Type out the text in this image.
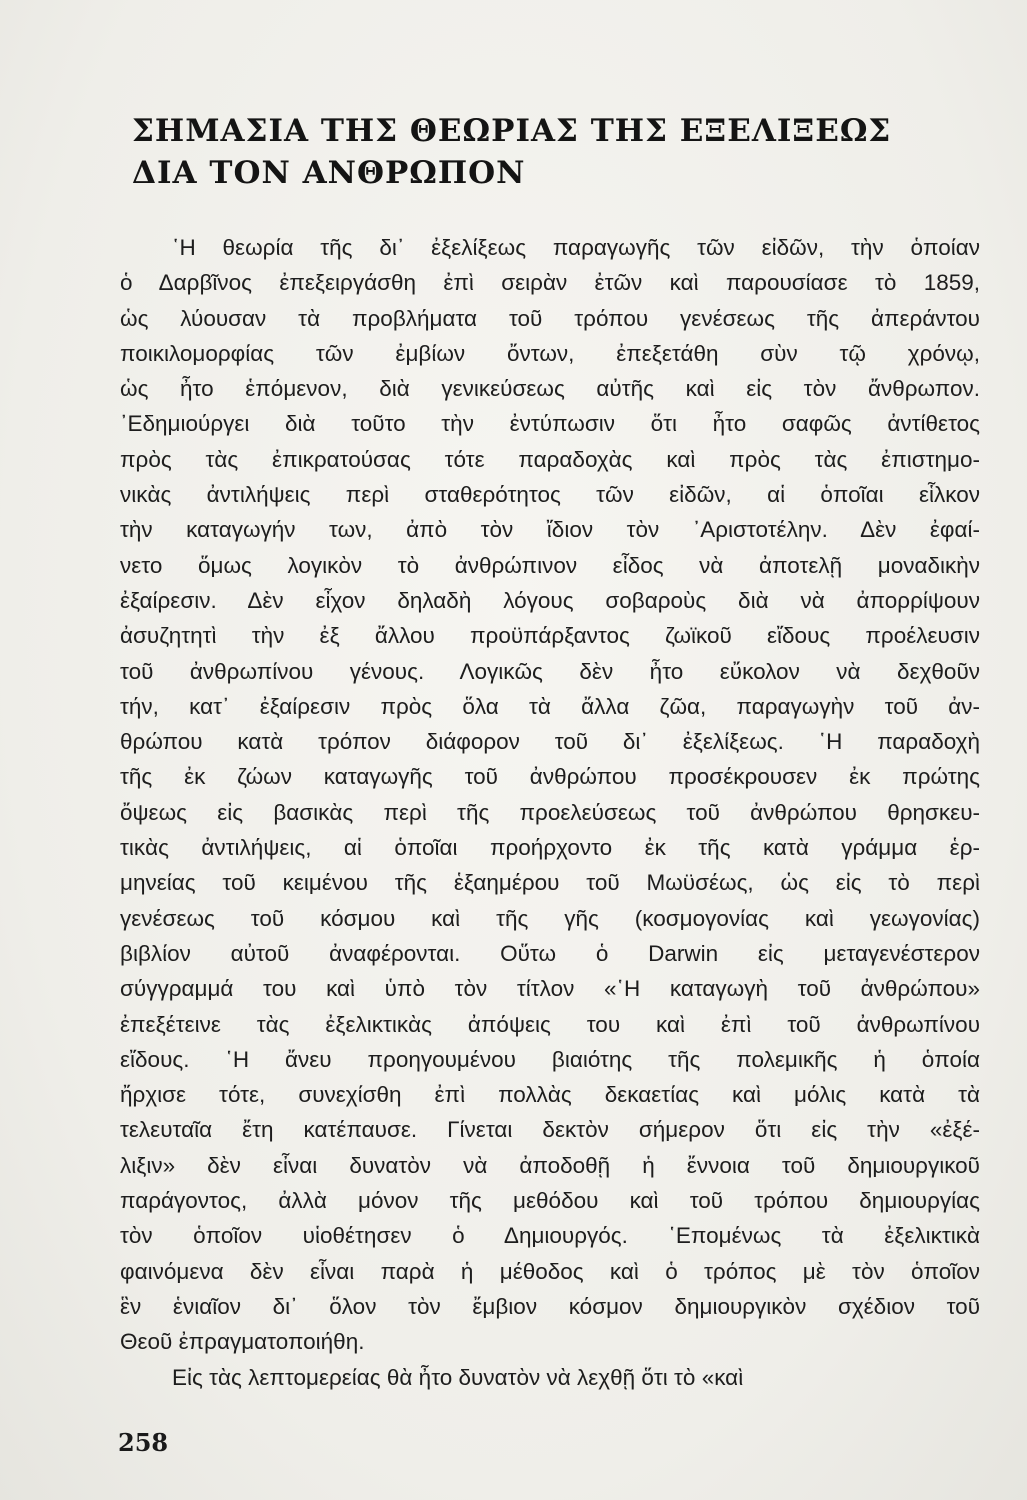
ΣΗΜΑΣΙΑ ΤΗΣ ΘΕΩΡΙΑΣ ΤΗΣ ΕΞΕΛΙΞΕΩΣ
ΔΙΑ ΤΟΝ ΑΝΘΡΩΠΟΝ
῾Η θεωρία τῆς δι᾽ ἐξελίξεως παραγωγῆς τῶν εἰδῶν, τὴν ὁποίαν
ὁ Δαρβῖνος ἐπεξειργάσθη ἐπὶ σειρὰν ἐτῶν καὶ παρουσίασε τὸ 1859,
ὡς λύουσαν τὰ προβλήματα τοῦ τρόπου γενέσεως τῆς ἀπεράντου
ποικιλομορφίας τῶν ἐμβίων ὄντων, ἐπεξετάθη σὺν τῷ χρόνῳ,
ὡς ἦτο ἑπόμενον, διὰ γενικεύσεως αὐτῆς καὶ εἰς τὸν ἄνθρωπον.
᾽Εδημιούργει διὰ τοῦτο τὴν ἐντύπωσιν ὅτι ἦτο σαφῶς ἀντίθετος
πρὸς τὰς ἐπικρατούσας τότε παραδοχὰς καὶ πρὸς τὰς ἐπιστημο-
νικὰς ἀντιλήψεις περὶ σταθερότητος τῶν εἰδῶν, αἱ ὁποῖαι εἷλκον
τὴν καταγωγήν των, ἀπὸ τὸν ἴδιον τὸν ᾽Αριστοτέλην. Δὲν ἐφαί-
νετο ὅμως λογικὸν τὸ ἀνθρώπινον εἶδος νὰ ἀποτελῇ μοναδικὴν
ἐξαίρεσιν. Δὲν εἶχον δηλαδὴ λόγους σοβαροὺς διὰ νὰ ἀπορρίψουν
ἀσυζητητὶ τὴν ἐξ ἄλλου προϋπάρξαντος ζωϊκοῦ εἴδους προέλευσιν
τοῦ ἀνθρωπίνου γένους. Λογικῶς δὲν ἦτο εὔκολον νὰ δεχθοῦν
τήν, κατ᾽ ἐξαίρεσιν πρὸς ὅλα τὰ ἄλλα ζῶα, παραγωγὴν τοῦ ἀν-
θρώπου κατὰ τρόπον διάφορον τοῦ δι᾽ ἐξελίξεως. ῾Η παραδοχὴ
τῆς ἐκ ζώων καταγωγῆς τοῦ ἀνθρώπου προσέκρουσεν ἐκ πρώτης
ὄψεως εἰς βασικὰς περὶ τῆς προελεύσεως τοῦ ἀνθρώπου θρησκευ-
τικὰς ἀντιλήψεις, αἱ ὁποῖαι προήρχοντο ἐκ τῆς κατὰ γράμμα ἑρ-
μηνείας τοῦ κειμένου τῆς ἑξαημέρου τοῦ Μωϋσέως, ὡς εἰς τὸ περὶ
γενέσεως τοῦ κόσμου καὶ τῆς γῆς (κοσμογονίας καὶ γεωγονίας)
βιβλίον αὐτοῦ ἀναφέρονται. Οὕτω ὁ Darwin εἰς μεταγενέστερον
σύγγραμμά του καὶ ὑπὸ τὸν τίτλον «῾Η καταγωγὴ τοῦ ἀνθρώπου»
ἐπεξέτεινε τὰς ἐξελικτικὰς ἀπόψεις του καὶ ἐπὶ τοῦ ἀνθρωπίνου
εἴδους. ῾Η ἄνευ προηγουμένου βιαιότης τῆς πολεμικῆς ἡ ὁποία
ἤρχισε τότε, συνεχίσθη ἐπὶ πολλὰς δεκαετίας καὶ μόλις κατὰ τὰ
τελευταῖα ἔτη κατέπαυσε. Γίνεται δεκτὸν σήμερον ὅτι εἰς τὴν «ἐξέ-
λιξιν» δὲν εἶναι δυνατὸν νὰ ἀποδοθῇ ἡ ἔννοια τοῦ δημιουργικοῦ
παράγοντος, ἀλλὰ μόνον τῆς μεθόδου καὶ τοῦ τρόπου δημιουργίας
τὸν ὁποῖον υἱοθέτησεν ὁ Δημιουργός. ῾Επομένως τὰ ἐξελικτικὰ
φαινόμενα δὲν εἶναι παρὰ ἡ μέθοδος καὶ ὁ τρόπος μὲ τὸν ὁποῖον
ἓν ἑνιαῖον δι᾽ ὅλον τὸν ἔμβιον κόσμον δημιουργικὸν σχέδιον τοῦ
Θεοῦ ἐπραγματοποιήθη.
Εἰς τὰς λεπτομερείας θὰ ἦτο δυνατὸν νὰ λεχθῇ ὅτι τὸ «καὶ
258
